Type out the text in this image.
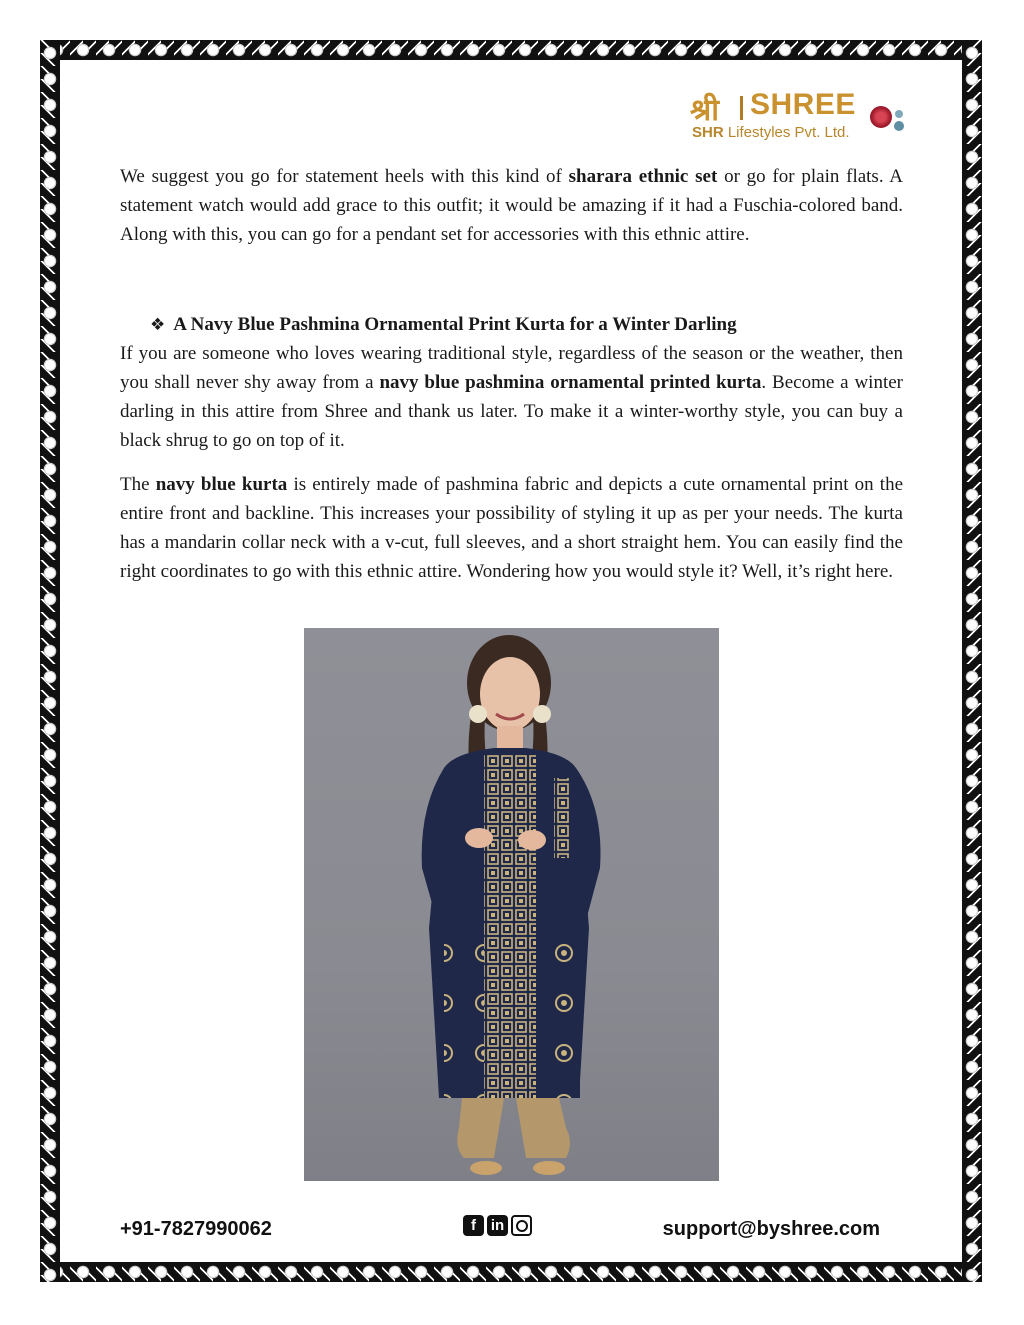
श्री SHREE
SHR Lifestyles Pvt. Ltd.

We suggest you go for statement heels with this kind of sharara ethnic set or go for plain flats. A statement watch would add grace to this outfit; it would be amazing if it had a Fuschia-colored band. Along with this, you can go for a pendant set for accessories with this ethnic attire.

❖ A Navy Blue Pashmina Ornamental Print Kurta for a Winter Darling

If you are someone who loves wearing traditional style, regardless of the season or the weather, then you shall never shy away from a navy blue pashmina ornamental printed kurta. Become a winter darling in this attire from Shree and thank us later. To make it a winter-worthy style, you can buy a black shrug to go on top of it.

The navy blue kurta is entirely made of pashmina fabric and depicts a cute ornamental print on the entire front and backline. This increases your possibility of styling it up as per your needs. The kurta has a mandarin collar neck with a v-cut, full sleeves, and a short straight hem. You can easily find the right coordinates to go with this ethnic attire. Wondering how you would style it? Well, it’s right here.

+91-7827990062	f in	support@byshree.com
